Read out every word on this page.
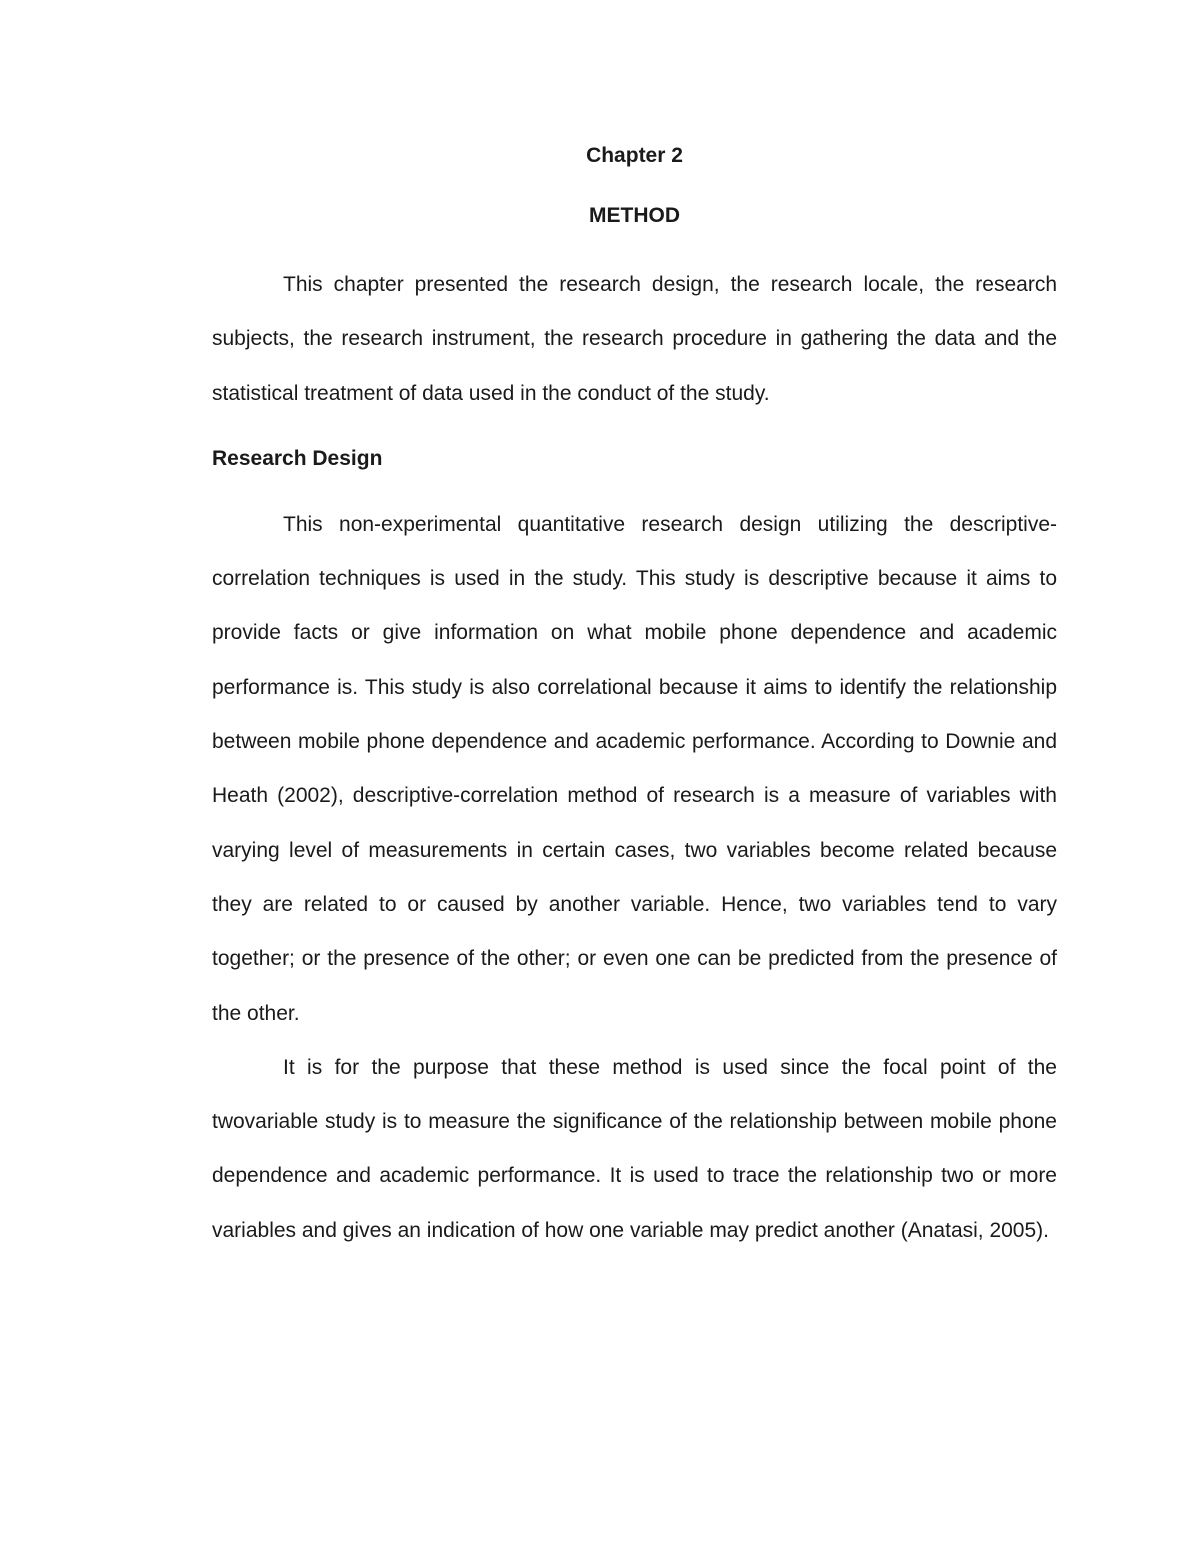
Chapter 2

METHOD

This chapter presented the research design, the research locale, the research subjects, the research instrument, the research procedure in gathering the data and the statistical treatment of data used in the conduct of the study.

Research Design

This non-experimental quantitative research design utilizing the descriptive-correlation techniques is used in the study. This study is descriptive because it aims to provide facts or give information on what mobile phone dependence and academic performance is. This study is also correlational because it aims to identify the relationship between mobile phone dependence and academic performance. According to Downie and Heath (2002), descriptive-correlation method of research is a measure of variables with varying level of measurements in certain cases, two variables become related because they are related to or caused by another variable. Hence, two variables tend to vary together; or the presence of the other; or even one can be predicted from the presence of the other.

It is for the purpose that these method is used since the focal point of the twovariable study is to measure the significance of the relationship between mobile phone dependence and academic performance. It is used to trace the relationship two or more variables and gives an indication of how one variable may predict another (Anatasi, 2005).
